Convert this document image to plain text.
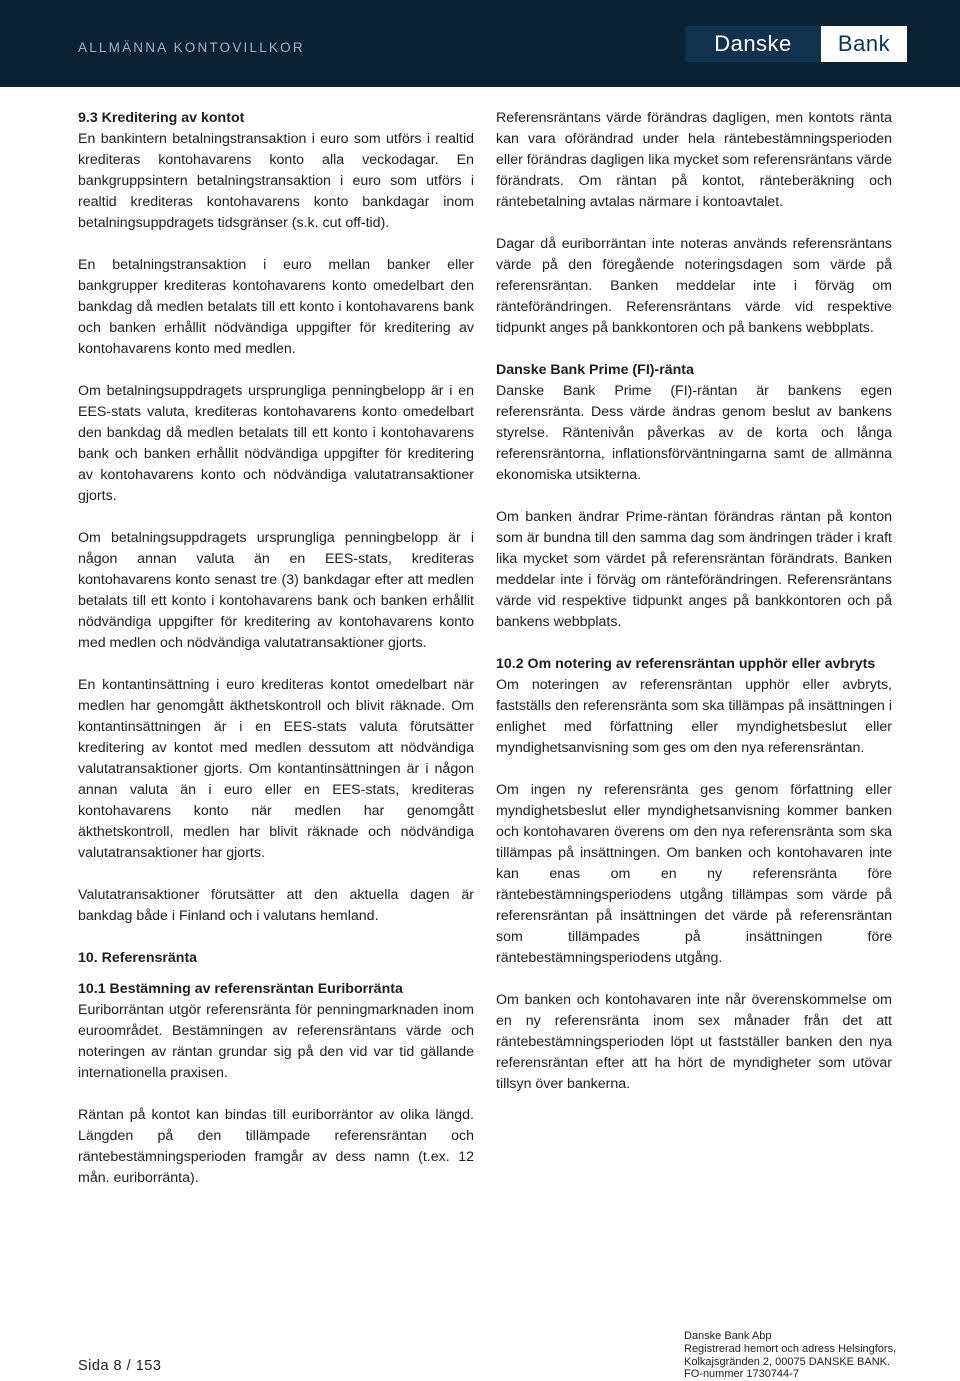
ALLMÄNNA KONTOVILLKOR	Danske	Bank
9.3 Kreditering av kontot

En bankintern betalningstransaktion i euro som utförs i realtid krediteras kontohavarens konto alla veckodagar. En bankgruppsintern betalningstransaktion i euro som utförs i realtid krediteras kontohavarens konto bankdagar inom betalningsuppdragets tidsgränser (s.k. cut off-tid).

En betalningstransaktion i euro mellan banker eller bankgrupper krediteras kontohavarens konto omedelbart den bankdag då medlen betalats till ett konto i kontohavarens bank och banken erhållit nödvändiga uppgifter för kreditering av kontohavarens konto med medlen.

Om betalningsuppdragets ursprungliga penningbelopp är i en EES-stats valuta, krediteras kontohavarens konto omedelbart den bankdag då medlen betalats till ett konto i kontohavarens bank och banken erhållit nödvändiga uppgifter för kreditering av kontohavarens konto och nödvändiga valutatransaktioner gjorts.

Om betalningsuppdragets ursprungliga penningbelopp är i någon annan valuta än en EES-stats, krediteras kontohavarens konto senast tre (3) bankdagar efter att medlen betalats till ett konto i kontohavarens bank och banken erhållit nödvändiga uppgifter för kreditering av kontohavarens konto med medlen och nödvändiga valutatransaktioner gjorts.

En kontantinsättning i euro krediteras kontot omedelbart när medlen har genomgått äkthetskontroll och blivit räknade. Om kontantinsättningen är i en EES-stats valuta förutsätter kreditering av kontot med medlen dessutom att nödvändiga valutatransaktioner gjorts. Om kontantinsättningen är i någon annan valuta än i euro eller en EES-stats, krediteras kontohavarens konto när medlen har genomgått äkthetskontroll, medlen har blivit räknade och nödvändiga valutatransaktioner har gjorts.

Valutatransaktioner förutsätter att den aktuella dagen är bankdag både i Finland och i valutans hemland.

10. Referensränta
10.1 Bestämning av referensräntan Euriborränta

Euriborräntan utgör referensränta för penningmarknaden inom euroområdet. Bestämningen av referensräntans värde och noteringen av räntan grundar sig på den vid var tid gällande internationella praxisen.

Räntan på kontot kan bindas till euriborräntor av olika längd. Längden på den tillämpade referensräntan och räntebestämningsperioden framgår av dess namn (t.ex. 12 mån. euriborränta).

Referensräntans värde förändras dagligen, men kontots ränta kan vara oförändrad under hela räntebestämningsperioden eller förändras dagligen lika mycket som referensräntans värde förändrats. Om räntan på kontot, ränteberäkning och räntebetalning avtalas närmare i kontoavtalet.

Dagar då euriborräntan inte noteras används referensräntans värde på den föregående noteringsdagen som värde på referensräntan. Banken meddelar inte i förväg om ränteförändringen. Referensräntans värde vid respektive tidpunkt anges på bankkontoren och på bankens webbplats.

Danske Bank Prime (FI)-ränta

Danske Bank Prime (FI)-räntan är bankens egen referensränta. Dess värde ändras genom beslut av bankens styrelse. Räntenivån påverkas av de korta och långa referensräntorna, inflationsförväntningarna samt de allmänna ekonomiska utsikterna.

Om banken ändrar Prime-räntan förändras räntan på konton som är bundna till den samma dag som ändringen träder i kraft lika mycket som värdet på referensräntan förändrats. Banken meddelar inte i förväg om ränteförändringen. Referensräntans värde vid respektive tidpunkt anges på bankkontoren och på bankens webbplats.

10.2 Om notering av referensräntan upphör eller avbryts

Om noteringen av referensräntan upphör eller avbryts, fastställs den referensränta som ska tillämpas på insättningen i enlighet med författning eller myndighetsbeslut eller myndighetsanvisning som ges om den nya referensräntan.

Om ingen ny referensränta ges genom författning eller myndighetsbeslut eller myndighetsanvisning kommer banken och kontohavaren överens om den nya referensränta som ska tillämpas på insättningen. Om banken och kontohavaren inte kan enas om en ny referensränta före räntebestämningsperiodens utgång tillämpas som värde på referensräntan på insättningen det värde på referensräntan som tillämpades på insättningen före räntebestämningsperiodens utgång.

Om banken och kontohavaren inte når överenskommelse om en ny referensränta inom sex månader från det att räntebestämningsperioden löpt ut fastställer banken den nya referensräntan efter att ha hört de myndigheter som utövar tillsyn över bankerna.

Sida 8 / 153
Danske Bank Abp
Registrerad hemort och adress Helsingfors,
Kolkajsgränden 2, 00075 DANSKE BANK.
FO-nummer 1730744-7
